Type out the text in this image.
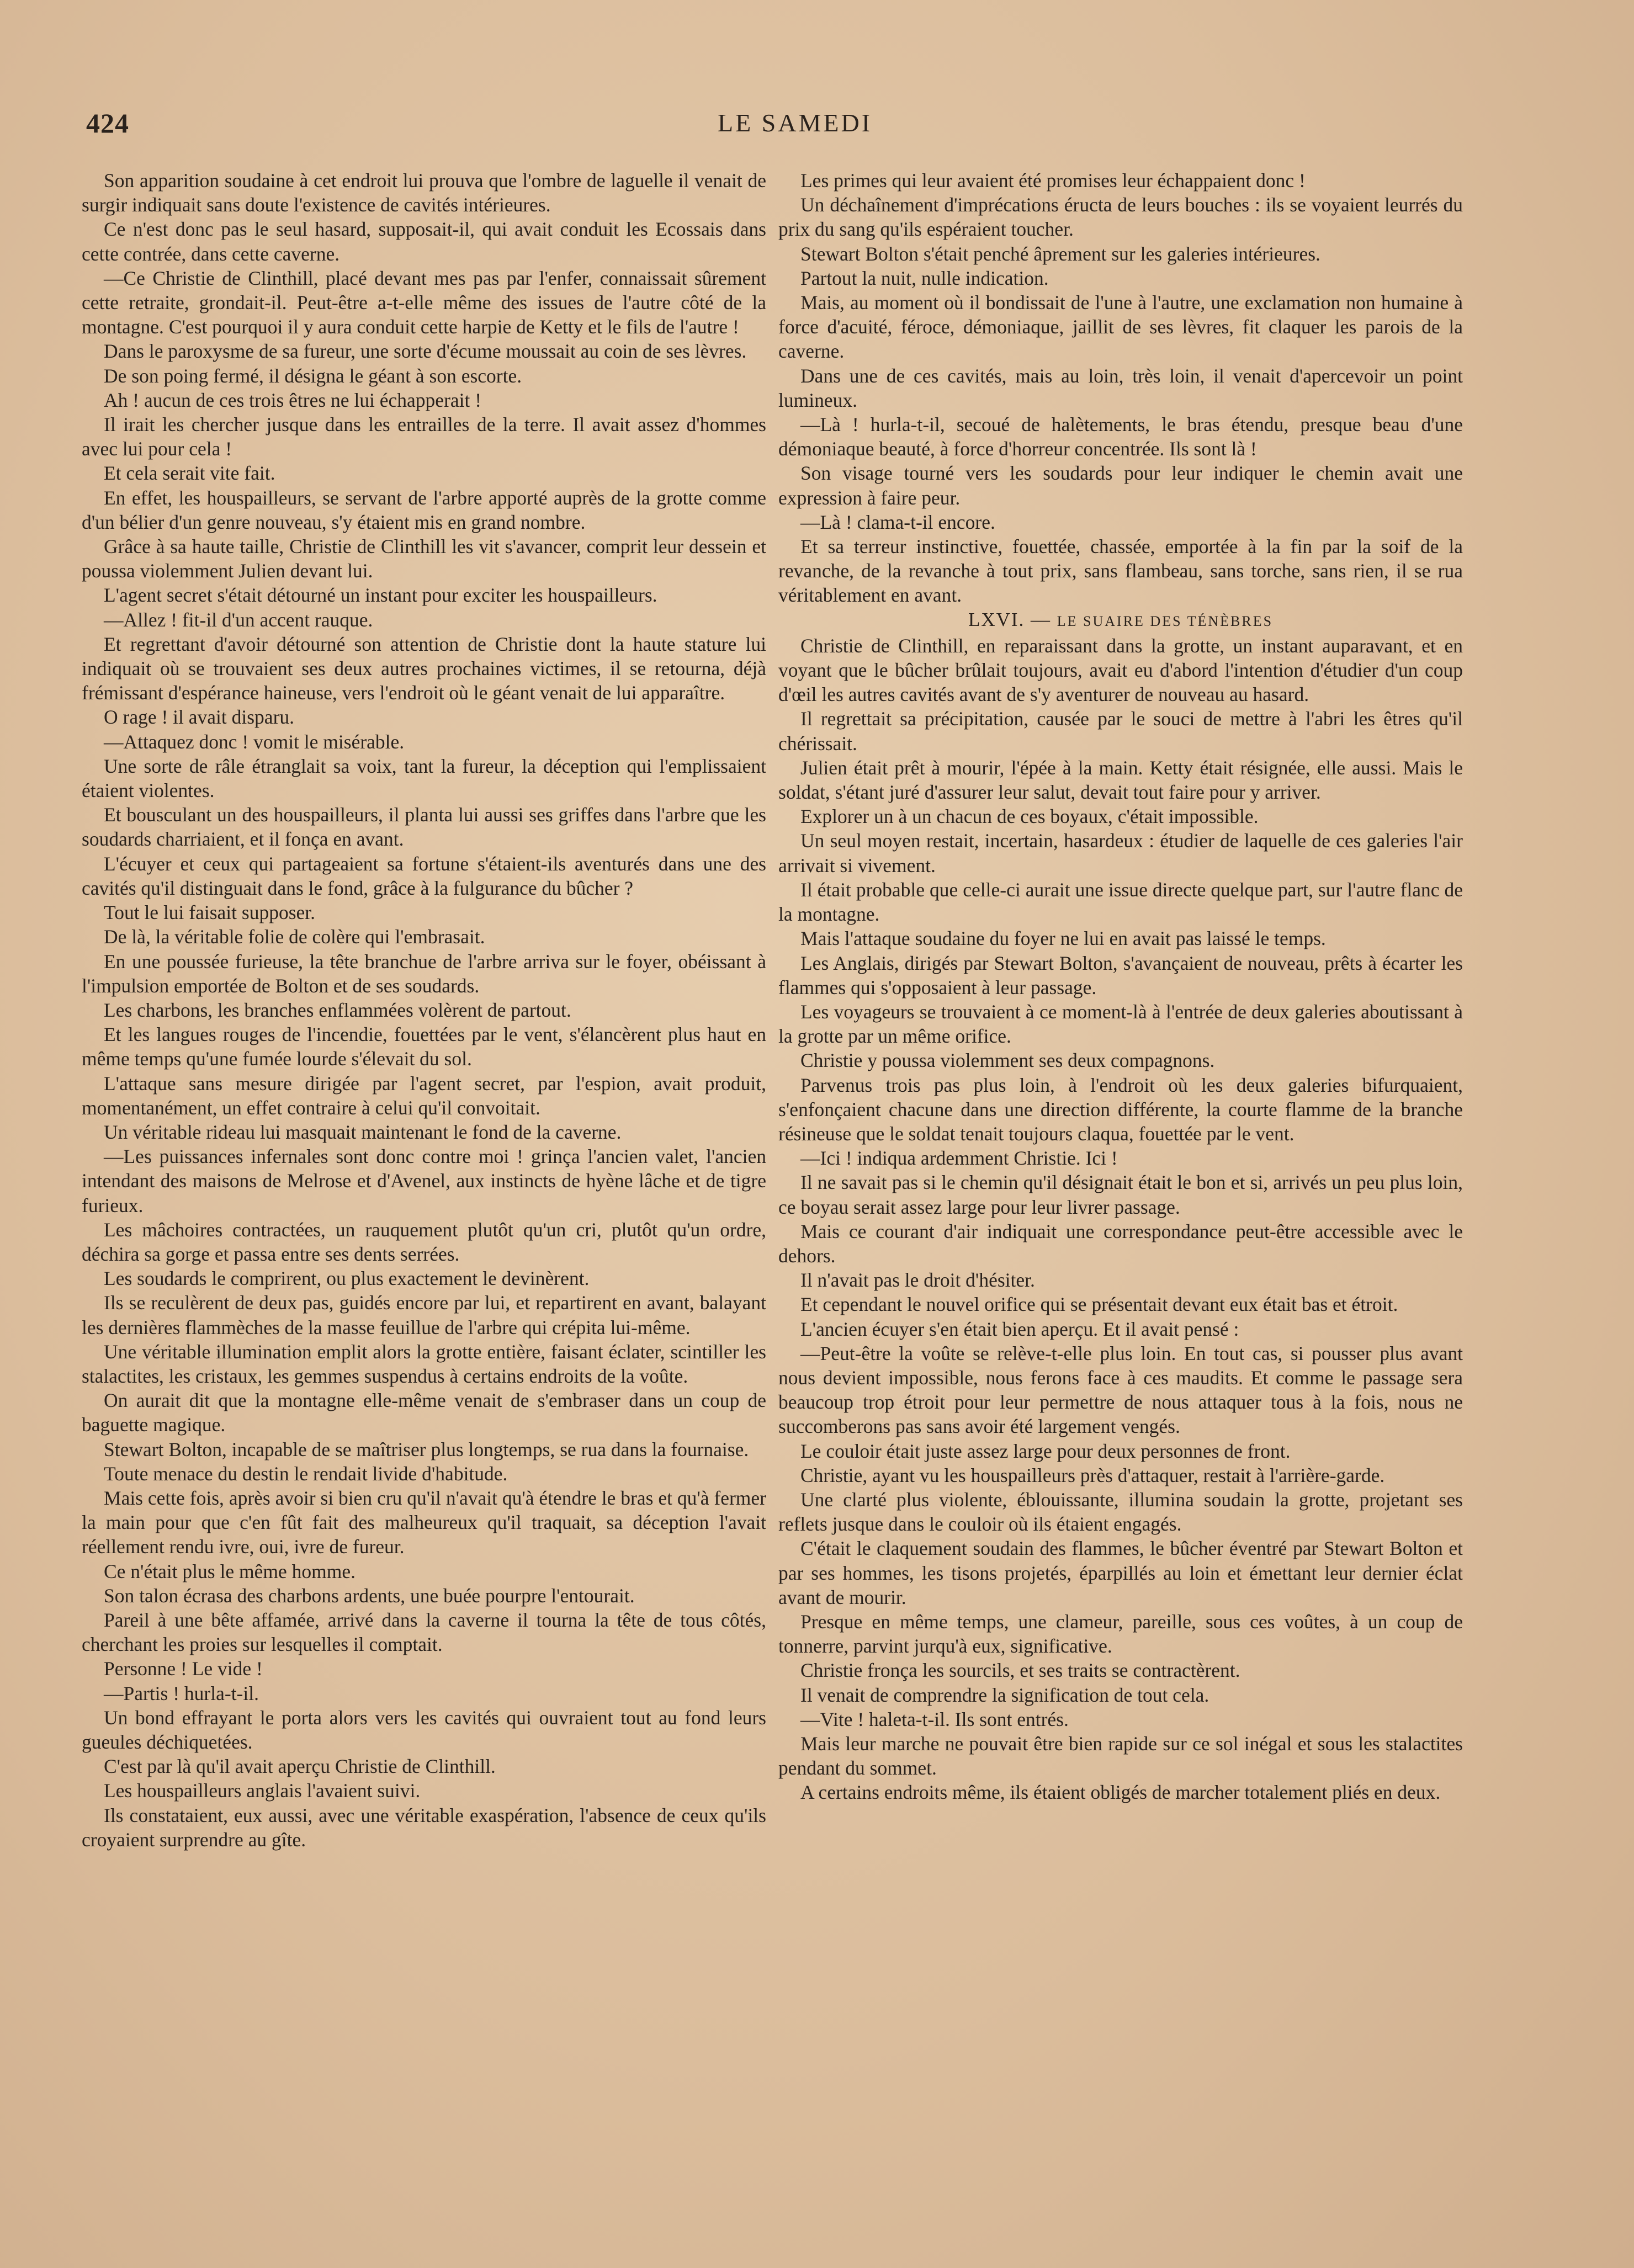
424	LE SAMEDI

Son apparition soudaine à cet endroit lui prouva que l'ombre de laguelle il venait de surgir indiquait sans doute l'existence de cavités intérieures.

Ce n'est donc pas le seul hasard, supposait-il, qui avait conduit les Ecossais dans cette contrée, dans cette caverne.

—Ce Christie de Clinthill, placé devant mes pas par l'enfer, connaissait sûrement cette retraite, grondait-il. Peut-être a-t-elle même des issues de l'autre côté de la montagne. C'est pourquoi il y aura conduit cette harpie de Ketty et le fils de l'autre !

Dans le paroxysme de sa fureur, une sorte d'écume moussait au coin de ses lèvres.

De son poing fermé, il désigna le géant à son escorte.

Ah ! aucun de ces trois êtres ne lui échapperait !

Il irait les chercher jusque dans les entrailles de la terre. Il avait assez d'hommes avec lui pour cela !

Et cela serait vite fait.

En effet, les houspailleurs, se servant de l'arbre apporté auprès de la grotte comme d'un bélier d'un genre nouveau, s'y étaient mis en grand nombre.

Grâce à sa haute taille, Christie de Clinthill les vit s'avancer, comprit leur dessein et poussa violemment Julien devant lui.

L'agent secret s'était détourné un instant pour exciter les houspailleurs.

—Allez ! fit-il d'un accent rauque.

Et regrettant d'avoir détourné son attention de Christie dont la haute stature lui indiquait où se trouvaient ses deux autres prochaines victimes, il se retourna, déjà frémissant d'espérance haineuse, vers l'endroit où le géant venait de lui apparaître.

O rage ! il avait disparu.

—Attaquez donc ! vomit le misérable.

Une sorte de râle étranglait sa voix, tant la fureur, la déception qui l'emplissaient étaient violentes.

Et bousculant un des houspailleurs, il planta lui aussi ses griffes dans l'arbre que les soudards charriaient, et il fonça en avant.

L'écuyer et ceux qui partageaient sa fortune s'étaient-ils aventurés dans une des cavités qu'il distinguait dans le fond, grâce à la fulgurance du bûcher ?

Tout le lui faisait supposer.

De là, la véritable folie de colère qui l'embrasait.

En une poussée furieuse, la tête branchue de l'arbre arriva sur le foyer, obéissant à l'impulsion emportée de Bolton et de ses soudards.

Les charbons, les branches enflammées volèrent de partout.

Et les langues rouges de l'incendie, fouettées par le vent, s'élancèrent plus haut en même temps qu'une fumée lourde s'élevait du sol.

L'attaque sans mesure dirigée par l'agent secret, par l'espion, avait produit, momentanément, un effet contraire à celui qu'il convoitait.

Un véritable rideau lui masquait maintenant le fond de la caverne.

—Les puissances infernales sont donc contre moi ! grinça l'ancien valet, l'ancien intendant des maisons de Melrose et d'Avenel, aux instincts de hyène lâche et de tigre furieux.

Les mâchoires contractées, un rauquement plutôt qu'un cri, plutôt qu'un ordre, déchira sa gorge et passa entre ses dents serrées.

Les soudards le comprirent, ou plus exactement le devinèrent.

Ils se reculèrent de deux pas, guidés encore par lui, et repartirent en avant, balayant les dernières flammèches de la masse feuillue de l'arbre qui crépita lui-même.

Une véritable illumination emplit alors la grotte entière, faisant éclater, scintiller les stalactites, les cristaux, les gemmes suspendus à certains endroits de la voûte.

On aurait dit que la montagne elle-même venait de s'embraser dans un coup de baguette magique.

Stewart Bolton, incapable de se maîtriser plus longtemps, se rua dans la fournaise.

Toute menace du destin le rendait livide d'habitude.

Mais cette fois, après avoir si bien cru qu'il n'avait qu'à étendre le bras et qu'à fermer la main pour que c'en fût fait des malheureux qu'il traquait, sa déception l'avait réellement rendu ivre, oui, ivre de fureur.

Ce n'était plus le même homme.

Son talon écrasa des charbons ardents, une buée pourpre l'entourait.

Pareil à une bête affamée, arrivé dans la caverne il tourna la tête de tous côtés, cherchant les proies sur lesquelles il comptait.

Personne ! Le vide !

—Partis ! hurla-t-il.

Un bond effrayant le porta alors vers les cavités qui ouvraient tout au fond leurs gueules déchiquetées.

C'est par là qu'il avait aperçu Christie de Clinthill.

Les houspailleurs anglais l'avaient suivi.

Ils constataient, eux aussi, avec une véritable exaspération, l'absence de ceux qu'ils croyaient surprendre au gîte.

Les primes qui leur avaient été promises leur échappaient donc !

Un déchaînement d'imprécations éructa de leurs bouches : ils se voyaient leurrés du prix du sang qu'ils espéraient toucher.

Stewart Bolton s'était penché âprement sur les galeries intérieures.

Partout la nuit, nulle indication.

Mais, au moment où il bondissait de l'une à l'autre, une exclamation non humaine à force d'acuité, féroce, démoniaque, jaillit de ses lèvres, fit claquer les parois de la caverne.

Dans une de ces cavités, mais au loin, très loin, il venait d'apercevoir un point lumineux.

—Là ! hurla-t-il, secoué de halètements, le bras étendu, presque beau d'une démoniaque beauté, à force d'horreur concentrée. Ils sont là !

Son visage tourné vers les soudards pour leur indiquer le chemin avait une expression à faire peur.

—Là ! clama-t-il encore.

Et sa terreur instinctive, fouettée, chassée, emportée à la fin par la soif de la revanche, de la revanche à tout prix, sans flambeau, sans torche, sans rien, il se rua véritablement en avant.

LXVI. — LE SUAIRE DES TÉNÈBRES

Christie de Clinthill, en reparaissant dans la grotte, un instant auparavant, et en voyant que le bûcher brûlait toujours, avait eu d'abord l'intention d'étudier d'un coup d'œil les autres cavités avant de s'y aventurer de nouveau au hasard.

Il regrettait sa précipitation, causée par le souci de mettre à l'abri les êtres qu'il chérissait.

Julien était prêt à mourir, l'épée à la main. Ketty était résignée, elle aussi. Mais le soldat, s'étant juré d'assurer leur salut, devait tout faire pour y arriver.

Explorer un à un chacun de ces boyaux, c'était impossible.

Un seul moyen restait, incertain, hasardeux : étudier de laquelle de ces galeries l'air arrivait si vivement.

Il était probable que celle-ci aurait une issue directe quelque part, sur l'autre flanc de la montagne.

Mais l'attaque soudaine du foyer ne lui en avait pas laissé le temps.

Les Anglais, dirigés par Stewart Bolton, s'avançaient de nouveau, prêts à écarter les flammes qui s'opposaient à leur passage.

Les voyageurs se trouvaient à ce moment-là à l'entrée de deux galeries aboutissant à la grotte par un même orifice.

Christie y poussa violemment ses deux compagnons.

Parvenus trois pas plus loin, à l'endroit où les deux galeries bifurquaient, s'enfonçaient chacune dans une direction différente, la courte flamme de la branche résineuse que le soldat tenait toujours claqua, fouettée par le vent.

—Ici ! indiqua ardemment Christie. Ici !

Il ne savait pas si le chemin qu'il désignait était le bon et si, arrivés un peu plus loin, ce boyau serait assez large pour leur livrer passage.

Mais ce courant d'air indiquait une correspondance peut-être accessible avec le dehors.

Il n'avait pas le droit d'hésiter.

Et cependant le nouvel orifice qui se présentait devant eux était bas et étroit.

L'ancien écuyer s'en était bien aperçu. Et il avait pensé :

—Peut-être la voûte se relève-t-elle plus loin. En tout cas, si pousser plus avant nous devient impossible, nous ferons face à ces maudits. Et comme le passage sera beaucoup trop étroit pour leur permettre de nous attaquer tous à la fois, nous ne succomberons pas sans avoir été largement vengés.

Le couloir était juste assez large pour deux personnes de front.

Christie, ayant vu les houspailleurs près d'attaquer, restait à l'arrière-garde.

Une clarté plus violente, éblouissante, illumina soudain la grotte, projetant ses reflets jusque dans le couloir où ils étaient engagés.

C'était le claquement soudain des flammes, le bûcher éventré par Stewart Bolton et par ses hommes, les tisons projetés, éparpillés au loin et émettant leur dernier éclat avant de mourir.

Presque en même temps, une clameur, pareille, sous ces voûtes, à un coup de tonnerre, parvint jurqu'à eux, significative.

Christie fronça les sourcils, et ses traits se contractèrent.

Il venait de comprendre la signification de tout cela.

—Vite ! haleta-t-il. Ils sont entrés.

Mais leur marche ne pouvait être bien rapide sur ce sol inégal et sous les stalactites pendant du sommet.

A certains endroits même, ils étaient obligés de marcher totalement pliés en deux.
